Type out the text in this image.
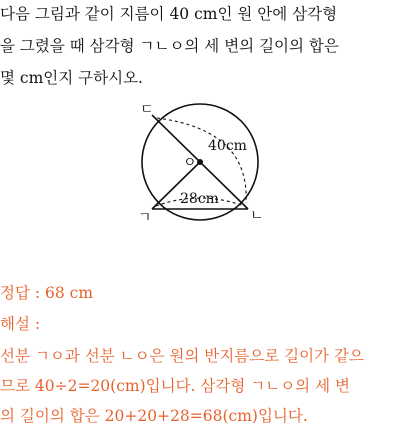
다음 그림과 같이 지름이 40 cm인 원 안에 삼각형
을 그렸을 때 삼각형 ㄱㄴㅇ의 세 변의 길이의 합은
몇 cm인지 구하시오.
ㄷ
ㄱ	ㄴ
ㅇ
40cm
28cm
정답 : 68 cm
해설 :
선분 ㄱㅇ과 선분 ㄴㅇ은 원의 반지름으로 길이가 같으
므로 40÷2=20(cm)입니다. 삼각형 ㄱㄴㅇ의 세 변
의 길이의 합은 20+20+28=68(cm)입니다.
